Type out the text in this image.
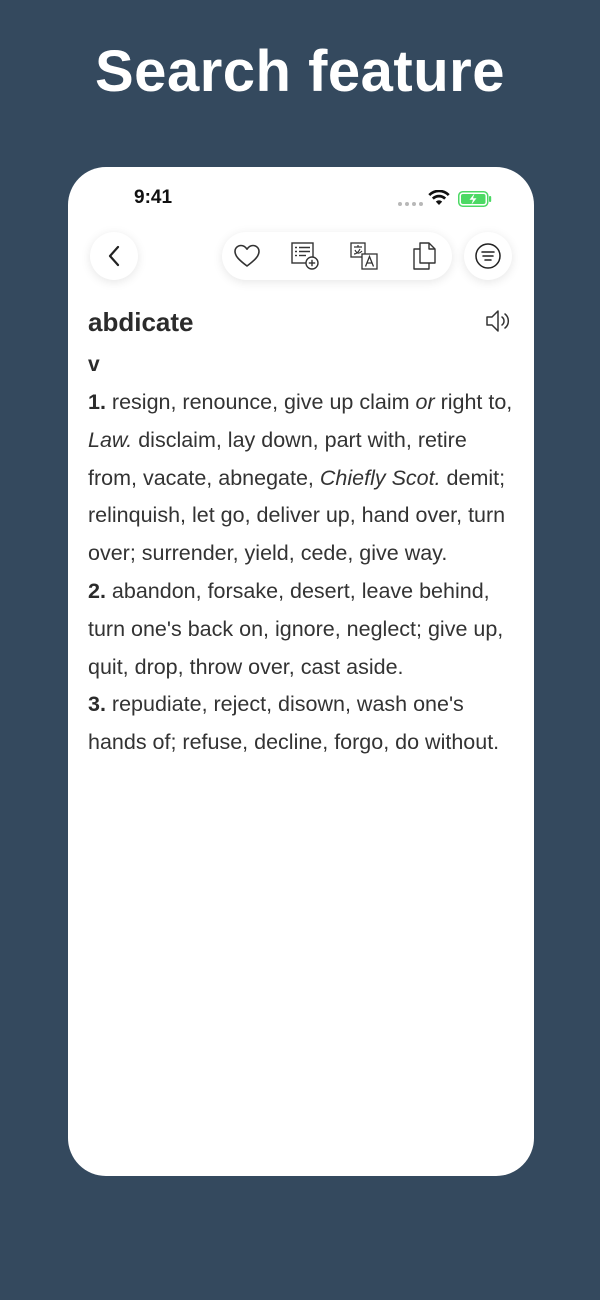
Search feature
9:41
abdicate
v
1. resign, renounce, give up claim or right to, Law. disclaim, lay down, part with, retire from, vacate, abnegate, Chiefly Scot. demit; relinquish, let go, deliver up, hand over, turn over; surrender, yield, cede, give way.
2. abandon, forsake, desert, leave behind, turn one's back on, ignore, neglect; give up, quit, drop, throw over, cast aside.
3. repudiate, reject, disown, wash one's hands of; refuse, decline, forgo, do without.
